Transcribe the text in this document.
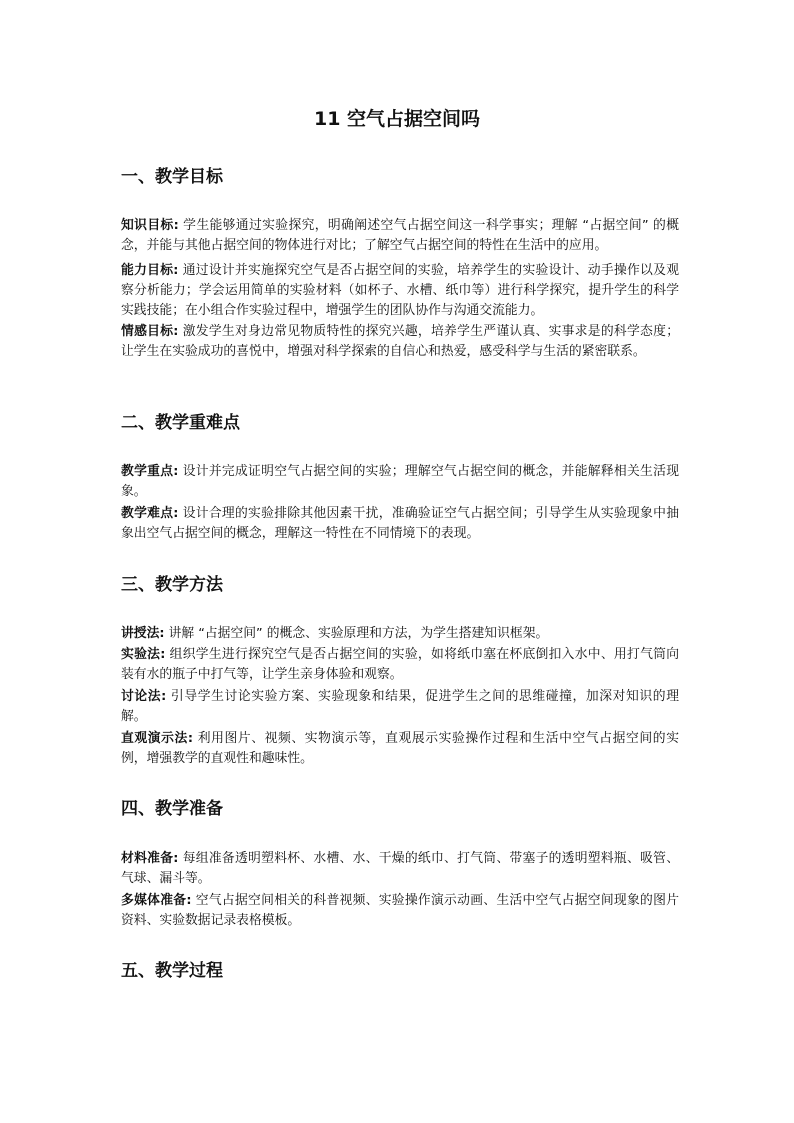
11 空气占据空间吗
一、教学目标

知识目标: 学生能够通过实验探究，明确阐述空气占据空间这一科学事实；理解 “占据空间” 的概念，并能与其他占据空间的物体进行对比；了解空气占据空间的特性在生活中的应用。

能力目标: 通过设计并实施探究空气是否占据空间的实验，培养学生的实验设计、动手操作以及观察分析能力；学会运用简单的实验材料（如杯子、水槽、纸巾等）进行科学探究，提升学生的科学实践技能；在小组合作实验过程中，增强学生的团队协作与沟通交流能力。

情感目标: 激发学生对身边常见物质特性的探究兴趣，培养学生严谨认真、实事求是的科学态度；让学生在实验成功的喜悦中，增强对科学探索的自信心和热爱，感受科学与生活的紧密联系。

二、教学重难点

教学重点: 设计并完成证明空气占据空间的实验；理解空气占据空间的概念，并能解释相关生活现象。

教学难点: 设计合理的实验排除其他因素干扰，准确验证空气占据空间；引导学生从实验现象中抽象出空气占据空间的概念，理解这一特性在不同情境下的表现。

三、教学方法

讲授法: 讲解 “占据空间” 的概念、实验原理和方法，为学生搭建知识框架。

实验法: 组织学生进行探究空气是否占据空间的实验，如将纸巾塞在杯底倒扣入水中、用打气筒向装有水的瓶子中打气等，让学生亲身体验和观察。

讨论法: 引导学生讨论实验方案、实验现象和结果，促进学生之间的思维碰撞，加深对知识的理解。

直观演示法: 利用图片、视频、实物演示等，直观展示实验操作过程和生活中空气占据空间的实例，增强教学的直观性和趣味性。

四、教学准备

材料准备: 每组准备透明塑料杯、水槽、水、干燥的纸巾、打气筒、带塞子的透明塑料瓶、吸管、气球、漏斗等。

多媒体准备: 空气占据空间相关的科普视频、实验操作演示动画、生活中空气占据空间现象的图片资料、实验数据记录表格模板。

五、教学过程
